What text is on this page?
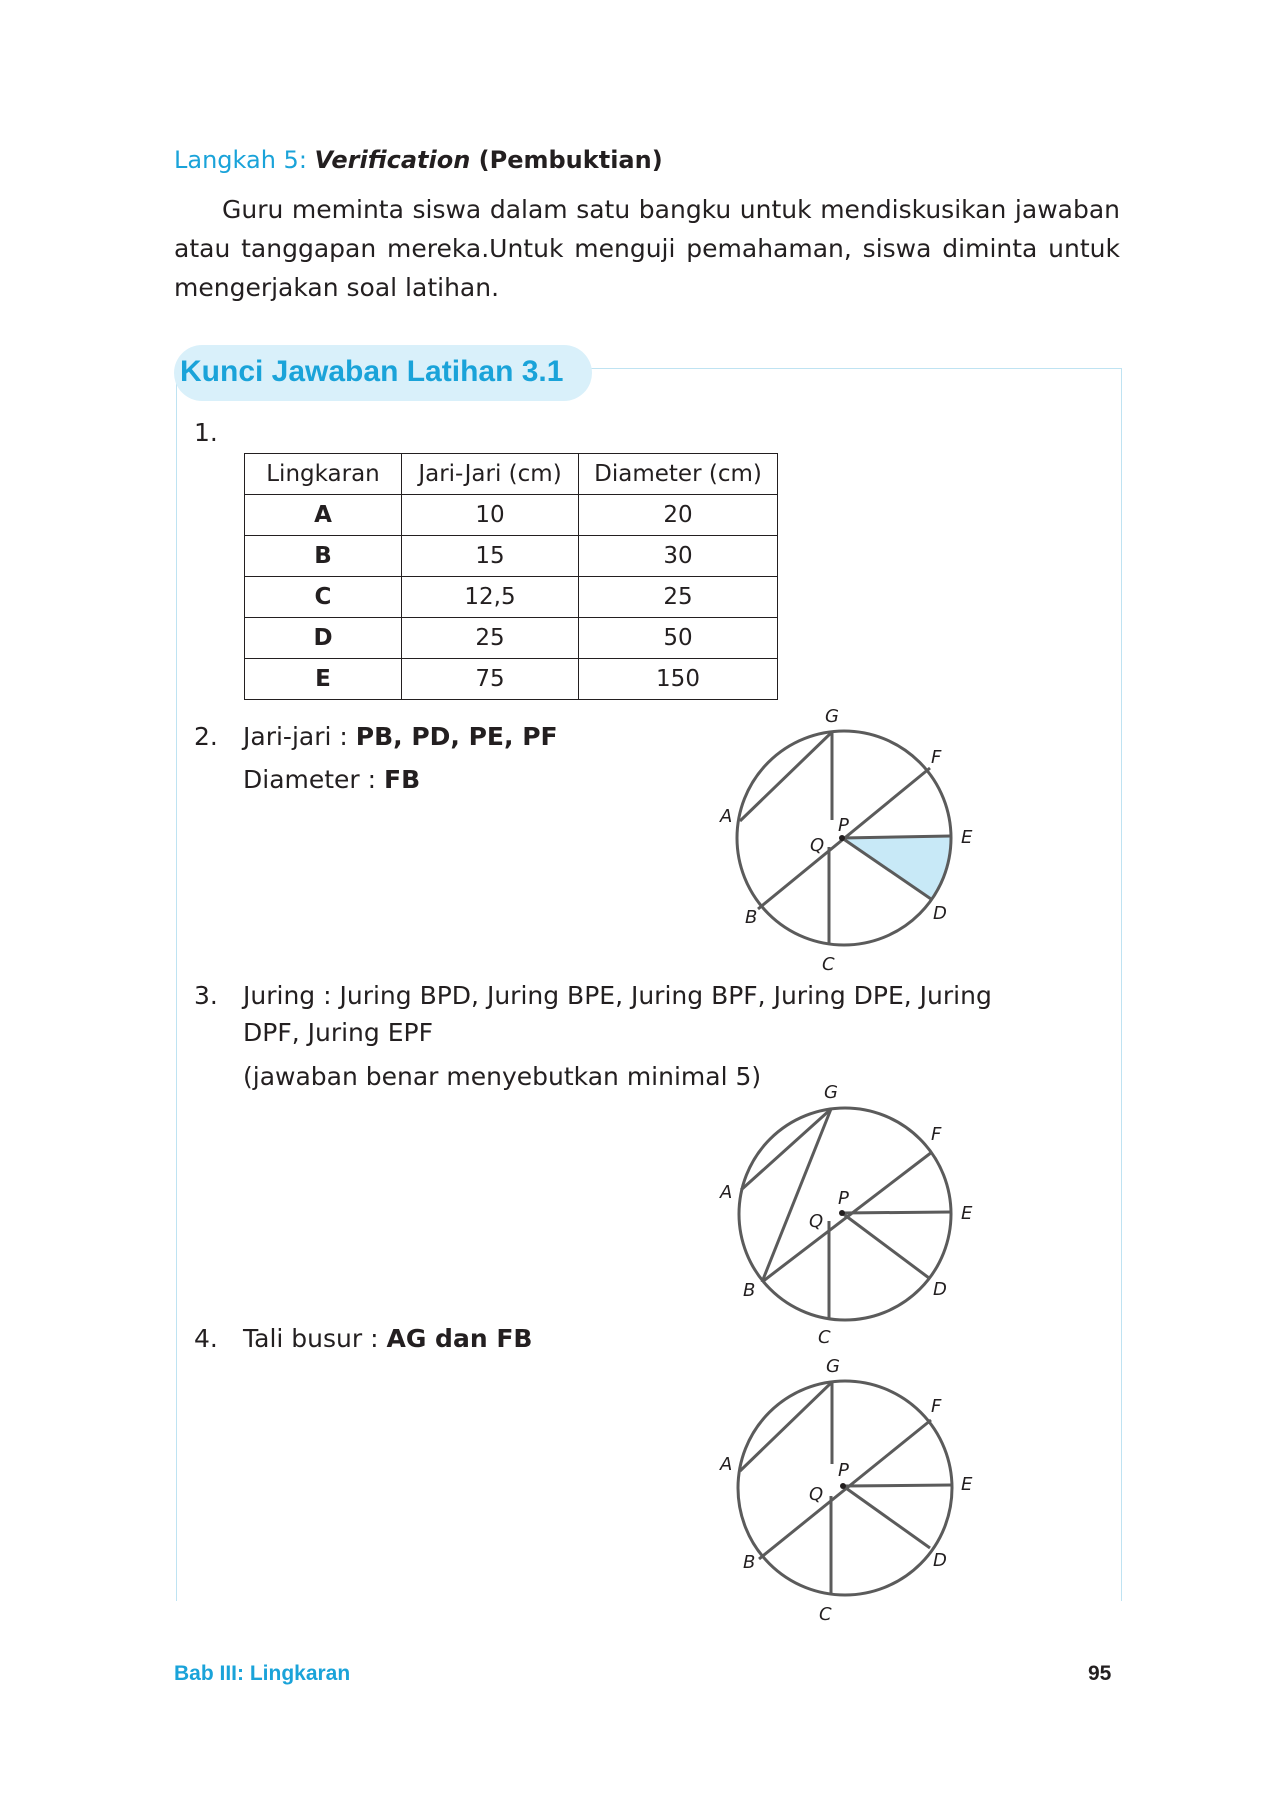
Langkah 5: Verification (Pembuktian)
Guru meminta siswa dalam satu bangku untuk mendiskusikan jawaban atau tanggapan mereka.Untuk menguji pemahaman, siswa diminta untuk mengerjakan soal latihan.
Kunci Jawaban Latihan 3.1
1.
Lingkaran	Jari-Jari (cm)	Diameter (cm)
A	10	20
B	15	30
C	12,5	25
D	25	50
E	75	150
2. Jari-jari : PB, PD, PE, PF
Diameter : FB
G
F
A	P
Q	E
B	D
C
3. Juring : Juring BPD, Juring BPE, Juring BPF, Juring DPE, Juring
DPF, Juring EPF
(jawaban benar menyebutkan minimal 5)
G
F
A	P
Q	E
B	D
C
4. Tali busur : AG dan FB
G
F
A	P
Q	E
B	D
C
Bab III: Lingkaran	95
